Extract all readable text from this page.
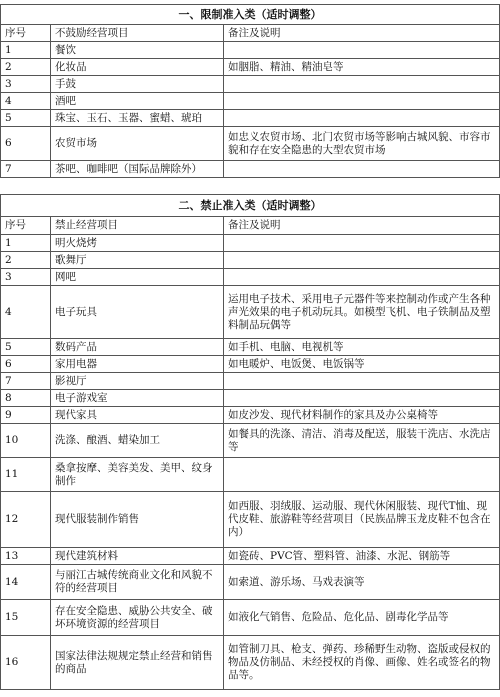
一、限制准入类（适时调整）		
序号	不鼓励经营项目	备注及说明
1	餐饮	
2	化妆品	如胭脂、精油、精油皂等
3	手鼓	
4	酒吧	
5	珠宝、玉石、玉器、蜜蜡、琥珀	
6	农贸市场	如忠义农贸市场、北门农贸市场等影响古城风貌、市容市貌和存在安全隐患的大型农贸市场
7	茶吧、咖啡吧（国际品牌除外）	
二、禁止准入类（适时调整）		
序号	禁止经营项目	备注及说明
1	明火烧烤	
2	歌舞厅	
3	网吧	
4	电子玩具	运用电子技术、采用电子元器件等来控制动作或产生各种声光效果的电子机动玩具。如模型飞机、电子铁制品及塑料制品玩偶等
5	数码产品	如手机、电脑、电视机等
6	家用电器	如电暖炉、电饭煲、电饭锅等
7	影视厅	
8	电子游戏室	
9	现代家具	如皮沙发、现代材料制作的家具及办公桌椅等
10	洗涤、酿酒、蜡染加工	如餐具的洗涤、清洁、消毒及配送，服装干洗店、水洗店等
11	桑拿按摩、美容美发、美甲、纹身制作	
12	现代服装制作销售	如西服、羽绒服、运动服、现代休闲服装、现代T恤、现代皮鞋、旅游鞋等经营项目（民族品牌玉龙皮鞋不包含在内）
13	现代建筑材料	如瓷砖、PVC管、塑料管、油漆、水泥、钢筋等
14	与丽江古城传统商业文化和风貌不符的经营项目	如索道、游乐场、马戏表演等
15	存在安全隐患、威胁公共安全、破坏环境资源的经营项目	如液化气销售、危险品、危化品、剧毒化学品等
16	国家法律法规规定禁止经营和销售的商品	如管制刀具、枪支、弹药、珍稀野生动物、盗版或侵权的物品及仿制品、未经授权的肖像、画像、姓名或签名的物品等。
